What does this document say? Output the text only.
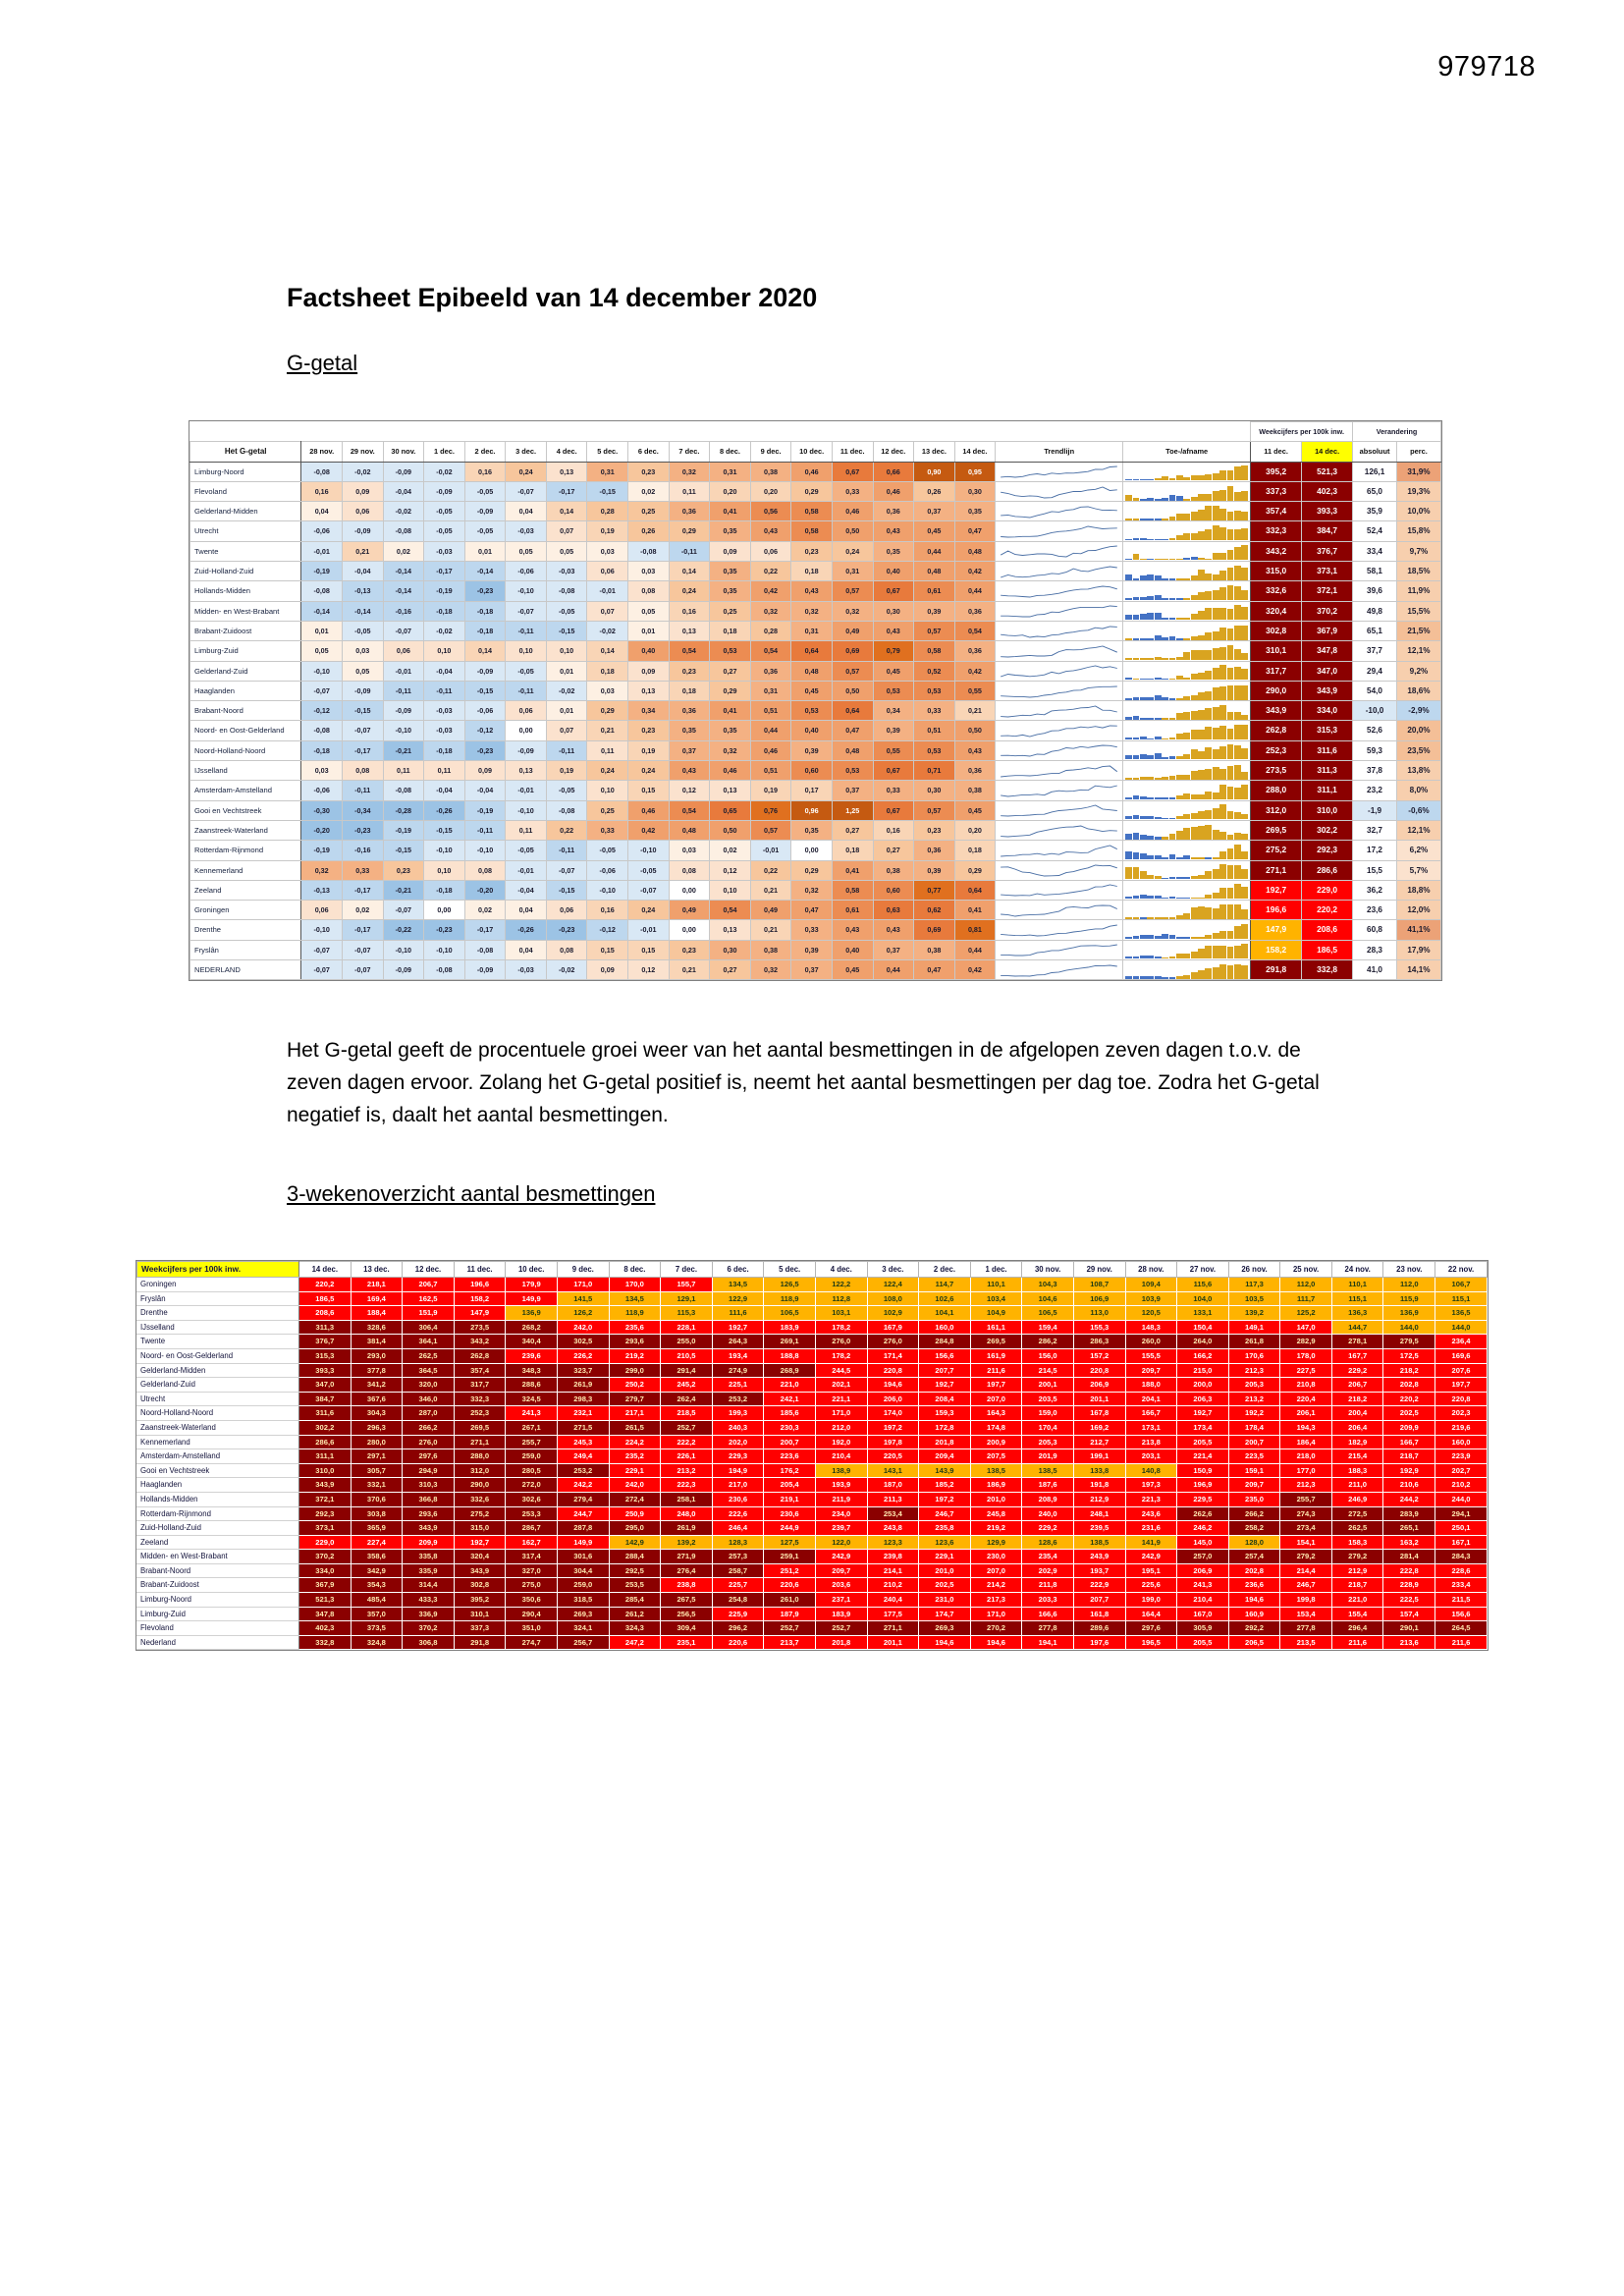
979718
Factsheet Epibeeld van 14 december 2020
G-getal
																				Weekcijfers per 100k inw.		Verandering	
Het G-getal	28 nov.	29 nov.	30 nov.	1 dec.	2 dec.	3 dec.	4 dec.	5 dec.	6 dec.	7 dec.	8 dec.	9 dec.	10 dec.	11 dec.	12 dec.	13 dec.	14 dec.	Trendlijn	Toe-/afname	11 dec.	14 dec.	absoluut	perc.
Limburg-Noord	-0,08	-0,02	-0,09	-0,02	0,16	0,24	0,13	0,31	0,23	0,32	0,31	0,38	0,46	0,67	0,66	0,90	0,95			395,2	521,3	126,1	31,9%
Flevoland	0,16	0,09	-0,04	-0,09	-0,05	-0,07	-0,17	-0,15	0,02	0,11	0,20	0,20	0,29	0,33	0,46	0,26	0,30			337,3	402,3	65,0	19,3%
Gelderland-Midden	0,04	0,06	-0,02	-0,05	-0,09	0,04	0,14	0,28	0,25	0,36	0,41	0,56	0,58	0,46	0,36	0,37	0,35			357,4	393,3	35,9	10,0%
Utrecht	-0,06	-0,09	-0,08	-0,05	-0,05	-0,03	0,07	0,19	0,26	0,29	0,35	0,43	0,58	0,50	0,43	0,45	0,47			332,3	384,7	52,4	15,8%
Twente	-0,01	0,21	0,02	-0,03	0,01	0,05	0,05	0,03	-0,08	-0,11	0,09	0,06	0,23	0,24	0,35	0,44	0,48			343,2	376,7	33,4	9,7%
Zuid-Holland-Zuid	-0,19	-0,04	-0,14	-0,17	-0,14	-0,06	-0,03	0,06	0,03	0,14	0,35	0,22	0,18	0,31	0,40	0,48	0,42			315,0	373,1	58,1	18,5%
Hollands-Midden	-0,08	-0,13	-0,14	-0,19	-0,23	-0,10	-0,08	-0,01	0,08	0,24	0,35	0,42	0,43	0,57	0,67	0,61	0,44			332,6	372,1	39,6	11,9%
Midden- en West-Brabant	-0,14	-0,14	-0,16	-0,18	-0,18	-0,07	-0,05	0,07	0,05	0,16	0,25	0,32	0,32	0,32	0,30	0,39	0,36			320,4	370,2	49,8	15,5%
Brabant-Zuidoost	0,01	-0,05	-0,07	-0,02	-0,18	-0,11	-0,15	-0,02	0,01	0,13	0,18	0,28	0,31	0,49	0,43	0,57	0,54			302,8	367,9	65,1	21,5%
Limburg-Zuid	0,05	0,03	0,06	0,10	0,14	0,10	0,10	0,14	0,40	0,54	0,53	0,54	0,64	0,69	0,79	0,58	0,36			310,1	347,8	37,7	12,1%
Gelderland-Zuid	-0,10	0,05	-0,01	-0,04	-0,09	-0,05	0,01	0,18	0,09	0,23	0,27	0,36	0,48	0,57	0,45	0,52	0,42			317,7	347,0	29,4	9,2%
Haaglanden	-0,07	-0,09	-0,11	-0,11	-0,15	-0,11	-0,02	0,03	0,13	0,18	0,29	0,31	0,45	0,50	0,53	0,53	0,55			290,0	343,9	54,0	18,6%
Brabant-Noord	-0,12	-0,15	-0,09	-0,03	-0,06	0,06	0,01	0,29	0,34	0,36	0,41	0,51	0,53	0,64	0,34	0,33	0,21			343,9	334,0	-10,0	-2,9%
Noord- en Oost-Gelderland	-0,08	-0,07	-0,10	-0,03	-0,12	0,00	0,07	0,21	0,23	0,35	0,35	0,44	0,40	0,47	0,39	0,51	0,50			262,8	315,3	52,6	20,0%
Noord-Holland-Noord	-0,18	-0,17	-0,21	-0,18	-0,23	-0,09	-0,11	0,11	0,19	0,37	0,32	0,46	0,39	0,48	0,55	0,53	0,43			252,3	311,6	59,3	23,5%
IJsselland	0,03	0,08	0,11	0,11	0,09	0,13	0,19	0,24	0,24	0,43	0,46	0,51	0,60	0,53	0,67	0,71	0,36			273,5	311,3	37,8	13,8%
Amsterdam-Amstelland	-0,06	-0,11	-0,08	-0,04	-0,04	-0,01	-0,05	0,10	0,15	0,12	0,13	0,19	0,17	0,37	0,33	0,30	0,38			288,0	311,1	23,2	8,0%
Gooi en Vechtstreek	-0,30	-0,34	-0,28	-0,26	-0,19	-0,10	-0,08	0,25	0,46	0,54	0,65	0,76	0,96	1,25	0,67	0,57	0,45			312,0	310,0	-1,9	-0,6%
Zaanstreek-Waterland	-0,20	-0,23	-0,19	-0,15	-0,11	0,11	0,22	0,33	0,42	0,48	0,50	0,57	0,35	0,27	0,16	0,23	0,20			269,5	302,2	32,7	12,1%
Rotterdam-Rijnmond	-0,19	-0,16	-0,15	-0,10	-0,10	-0,05	-0,11	-0,05	-0,10	0,03	0,02	-0,01	0,00	0,18	0,27	0,36	0,18			275,2	292,3	17,2	6,2%
Kennemerland	0,32	0,33	0,23	0,10	0,08	-0,01	-0,07	-0,06	-0,05	0,08	0,12	0,22	0,29	0,41	0,38	0,39	0,29			271,1	286,6	15,5	5,7%
Zeeland	-0,13	-0,17	-0,21	-0,18	-0,20	-0,04	-0,15	-0,10	-0,07	0,00	0,10	0,21	0,32	0,58	0,60	0,77	0,64			192,7	229,0	36,2	18,8%
Groningen	0,06	0,02	-0,07	0,00	0,02	0,04	0,06	0,16	0,24	0,49	0,54	0,49	0,47	0,61	0,63	0,62	0,41			196,6	220,2	23,6	12,0%
Drenthe	-0,10	-0,17	-0,22	-0,23	-0,17	-0,26	-0,23	-0,12	-0,01	0,00	0,13	0,21	0,33	0,43	0,43	0,69	0,81			147,9	208,6	60,8	41,1%
Fryslân	-0,07	-0,07	-0,10	-0,10	-0,08	0,04	0,08	0,15	0,15	0,23	0,30	0,38	0,39	0,40	0,37	0,38	0,44			158,2	186,5	28,3	17,9%
NEDERLAND	-0,07	-0,07	-0,09	-0,08	-0,09	-0,03	-0,02	0,09	0,12	0,21	0,27	0,32	0,37	0,45	0,44	0,47	0,42			291,8	332,8	41,0	14,1%
Het G-getal geeft de procentuele groei weer van het aantal besmettingen in de afgelopen zeven dagen t.o.v. de zeven dagen ervoor. Zolang het G-getal positief is, neemt het aantal besmettingen per dag toe. Zodra het G-getal negatief is, daalt het aantal besmettingen.
3-wekenoverzicht aantal besmettingen
Weekcijfers per 100k inw.	14 dec.	13 dec.	12 dec.	11 dec.	10 dec.	9 dec.	8 dec.	7 dec.	6 dec.	5 dec.	4 dec.	3 dec.	2 dec.	1 dec.	30 nov.	29 nov.	28 nov.	27 nov.	26 nov.	25 nov.	24 nov.	23 nov.	22 nov.
Groningen	220,2	218,1	206,7	196,6	179,9	171,0	170,0	155,7	134,5	126,5	122,2	122,4	114,7	110,1	104,3	108,7	109,4	115,6	117,3	112,0	110,1	112,0	106,7
Fryslân	186,5	169,4	162,5	158,2	149,9	141,5	134,5	129,1	122,9	118,9	112,8	108,0	102,6	103,4	104,6	106,9	103,9	104,0	103,5	111,7	115,1	115,9	115,1
Drenthe	208,6	188,4	151,9	147,9	136,9	126,2	118,9	115,3	111,6	106,5	103,1	102,9	104,1	104,9	106,5	113,0	120,5	133,1	139,2	125,2	136,3	136,9	136,5
IJsselland	311,3	328,6	306,4	273,5	268,2	242,0	235,6	228,1	192,7	183,9	178,2	167,9	160,0	161,1	159,4	155,3	148,3	150,4	149,1	147,0	144,7	144,0	144,0
Twente	376,7	381,4	364,1	343,2	340,4	302,5	293,6	255,0	264,3	269,1	276,0	276,0	284,8	269,5	286,2	286,3	260,0	264,0	261,8	282,9	278,1	279,5	236,4
Noord- en Oost-Gelderland	315,3	293,0	262,5	262,8	239,6	226,2	219,2	210,5	193,4	188,8	178,2	171,4	156,6	161,9	156,0	157,2	155,5	166,2	170,6	178,0	167,7	172,5	169,6
Gelderland-Midden	393,3	377,8	364,5	357,4	348,3	323,7	299,0	291,4	274,9	268,9	244,5	220,8	207,7	211,6	214,5	220,8	209,7	215,0	212,3	227,5	229,2	218,2	207,6
Gelderland-Zuid	347,0	341,2	320,0	317,7	288,6	261,9	250,2	245,2	225,1	221,0	202,1	194,6	192,7	197,7	200,1	206,9	188,0	200,0	205,3	210,8	206,7	202,8	197,7
Utrecht	384,7	367,6	346,0	332,3	324,5	298,3	279,7	262,4	253,2	242,1	221,1	206,0	208,4	207,0	203,5	201,1	204,1	206,3	213,2	220,4	218,2	220,2	220,8
Noord-Holland-Noord	311,6	304,3	287,0	252,3	241,3	232,1	217,1	218,5	199,3	185,6	171,0	174,0	159,3	164,3	159,0	167,8	166,7	192,7	192,2	206,1	200,4	202,5	202,3
Zaanstreek-Waterland	302,2	296,3	266,2	269,5	267,1	271,5	261,5	252,7	240,3	230,3	212,0	197,2	172,8	174,8	170,4	169,2	173,1	173,4	178,4	194,3	206,4	209,9	219,6
Kennemerland	286,6	280,0	276,0	271,1	255,7	245,3	224,2	222,2	202,0	200,7	192,0	197,8	201,8	200,9	205,3	212,7	213,8	205,5	200,7	186,4	182,9	166,7	160,0
Amsterdam-Amstelland	311,1	297,1	297,6	288,0	259,0	249,4	235,2	226,1	229,3	223,6	210,4	220,5	209,4	207,5	201,9	199,1	203,1	221,4	223,5	218,0	215,4	218,7	223,9
Gooi en Vechtstreek	310,0	305,7	294,9	312,0	280,5	253,2	229,1	213,2	194,9	176,2	138,9	143,1	143,9	138,5	138,5	133,8	140,8	150,9	159,1	177,0	188,3	192,9	202,7
Haaglanden	343,9	332,1	310,3	290,0	272,0	242,2	242,0	222,3	217,0	205,4	193,9	187,0	185,2	186,9	187,6	191,8	197,3	196,9	209,7	212,3	211,0	210,6	210,2
Hollands-Midden	372,1	370,6	366,8	332,6	302,6	279,4	272,4	258,1	230,6	219,1	211,9	211,3	197,2	201,0	208,9	212,9	221,3	229,5	235,0	255,7	246,9	244,2	244,0
Rotterdam-Rijnmond	292,3	303,8	293,6	275,2	253,3	244,7	250,9	248,0	222,6	230,6	234,0	253,4	246,7	245,8	240,0	248,1	243,6	262,6	266,2	274,3	272,5	283,9	294,1
Zuid-Holland-Zuid	373,1	365,9	343,9	315,0	286,7	287,8	295,0	261,9	246,4	244,9	239,7	243,8	235,8	219,2	229,2	239,5	231,6	246,2	258,2	273,4	262,5	265,1	250,1
Zeeland	229,0	227,4	209,9	192,7	162,7	149,9	142,9	139,2	128,3	127,5	122,0	123,3	123,6	129,9	128,6	138,5	141,9	145,0	128,0	154,1	158,3	163,2	167,1
Midden- en West-Brabant	370,2	358,6	335,8	320,4	317,4	301,6	288,4	271,9	257,3	259,1	242,9	239,8	229,1	230,0	235,4	243,9	242,9	257,0	257,4	279,2	279,2	281,4	284,3
Brabant-Noord	334,0	342,9	335,9	343,9	327,0	304,4	292,5	276,4	258,7	251,2	209,7	214,1	201,0	207,0	202,9	193,7	195,1	206,9	202,8	214,4	212,9	222,8	228,6
Brabant-Zuidoost	367,9	354,3	314,4	302,8	275,0	259,0	253,5	238,8	225,7	220,6	203,6	210,2	202,5	214,2	211,8	222,9	225,6	241,3	236,6	246,7	218,7	228,9	233,4
Limburg-Noord	521,3	485,4	433,3	395,2	350,6	318,5	285,4	267,5	254,8	261,0	237,1	240,4	231,0	217,3	203,3	207,7	199,0	210,4	194,6	199,8	221,0	222,5	211,5
Limburg-Zuid	347,8	357,0	336,9	310,1	290,4	269,3	261,2	256,5	225,9	187,9	183,9	177,5	174,7	171,0	166,6	161,8	164,4	167,0	160,9	153,4	155,4	157,4	156,6
Flevoland	402,3	373,5	370,2	337,3	351,0	324,1	324,3	309,4	296,2	252,7	252,7	271,1	269,3	270,2	277,8	289,6	297,6	305,9	292,2	277,8	296,4	290,1	264,5
Nederland	332,8	324,8	306,8	291,8	274,7	256,7	247,2	235,1	220,6	213,7	201,8	201,1	194,6	194,6	194,1	197,6	196,5	205,5	206,5	213,5	211,6	213,6	211,6
